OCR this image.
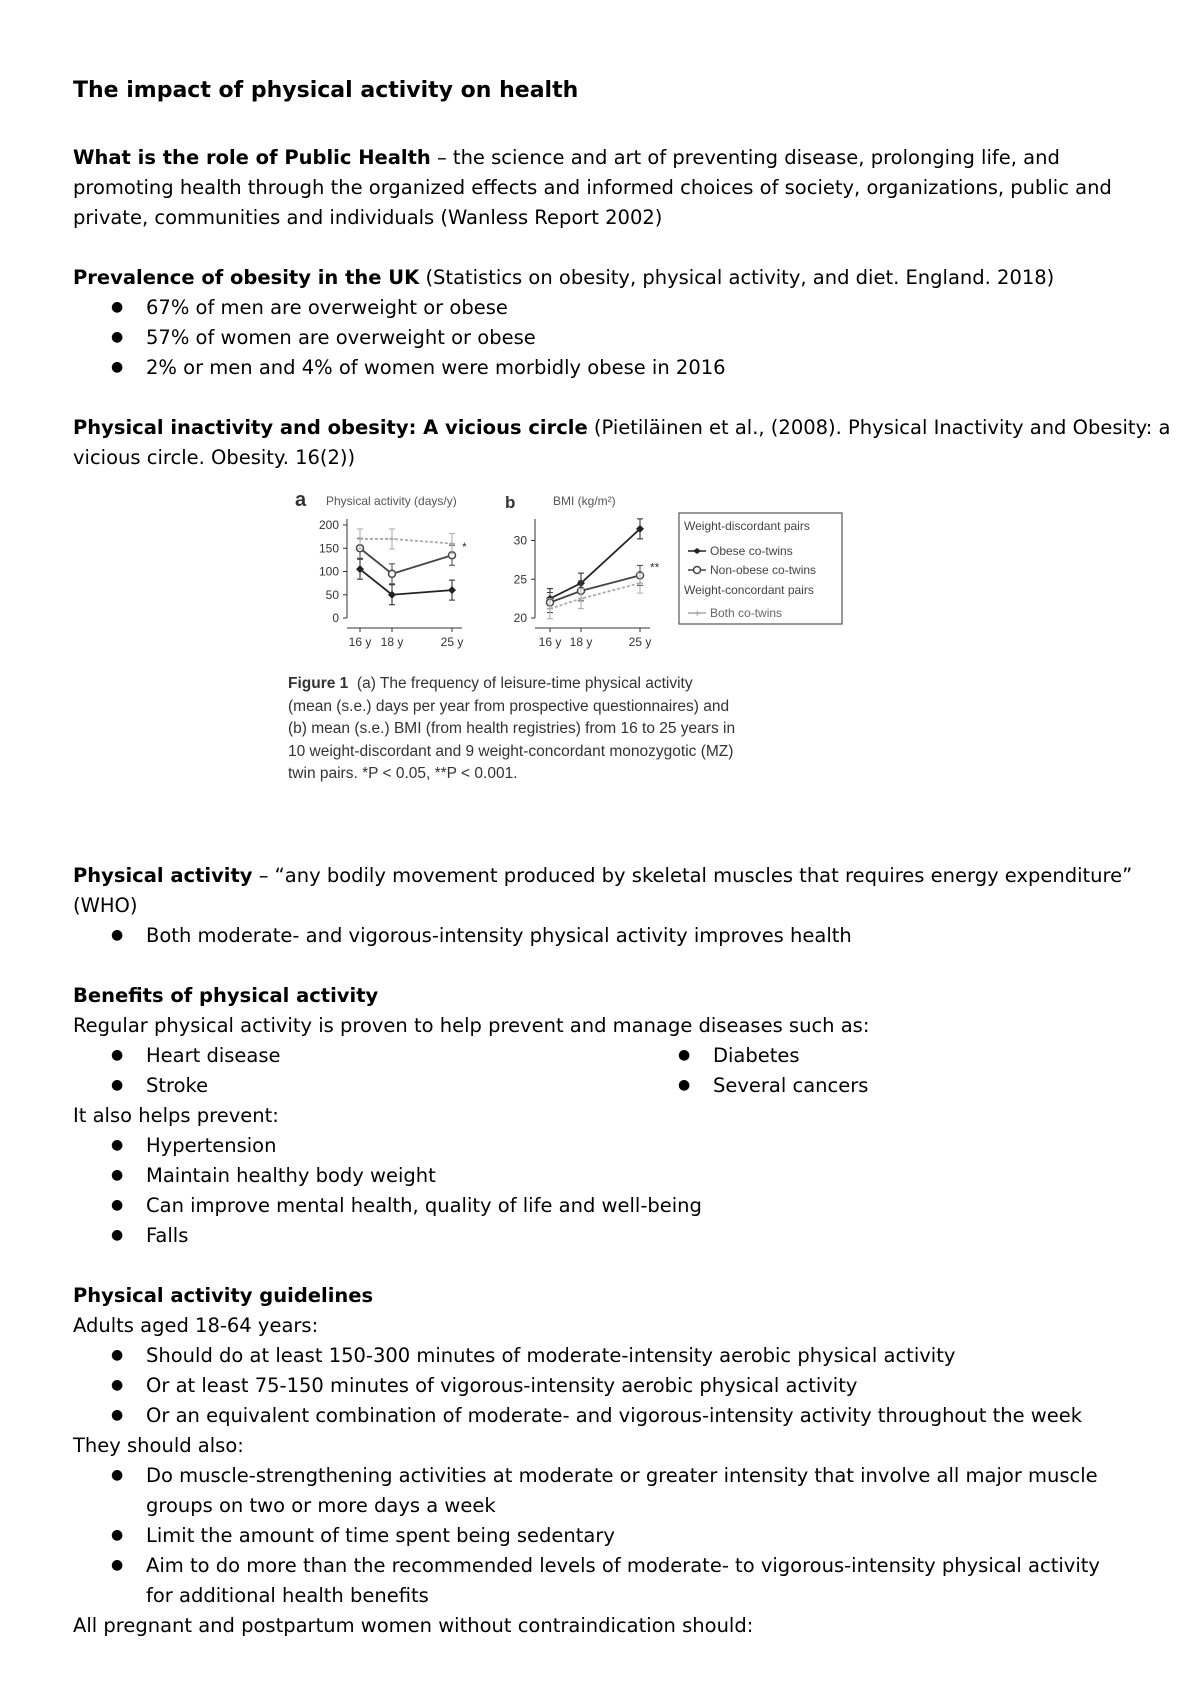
The impact of physical activity on health
What is the role of Public Health – the science and art of preventing disease, prolonging life, and
promoting health through the organized effects and informed choices of society, organizations, public and
private, communities and individuals (Wanless Report 2002)
Prevalence of obesity in the UK (Statistics on obesity, physical activity, and diet. England. 2018)
● 67% of men are overweight or obese
● 57% of women are overweight or obese
● 2% or men and 4% of women were morbidly obese in 2016
Physical inactivity and obesity: A vicious circle (Pietiläinen et al., (2008). Physical Inactivity and Obesity: a
vicious circle. Obesity. 16(2))
a Physical activity (days/y)	b	BMI (kg/m²)
0
50
100
150
200
16 y 18 y	25 y
*
20
25
30
16 y 18 y	25 y
**
Weight-discordant pairs
Obese co-twins
Non-obese co-twins
Weight-concordant pairs
+ Both co-twins
Figure 1 (a) The frequency of leisure-time physical activity
(mean (s.e.) days per year from prospective questionnaires) and
(b) mean (s.e.) BMI (from health registries) from 16 to 25 years in
10 weight-discordant and 9 weight-concordant monozygotic (MZ)
twin pairs. *P < 0.05, **P < 0.001.
Physical activity – “any bodily movement produced by skeletal muscles that requires energy expenditure”
(WHO)
● Both moderate- and vigorous-intensity physical activity improves health
Benefits of physical activity
Regular physical activity is proven to help prevent and manage diseases such as:
● Heart disease	● Diabetes
● Stroke	● Several cancers
It also helps prevent:
● Hypertension
● Maintain healthy body weight
● Can improve mental health, quality of life and well-being
● Falls
Physical activity guidelines
Adults aged 18-64 years:
● Should do at least 150-300 minutes of moderate-intensity aerobic physical activity
● Or at least 75-150 minutes of vigorous-intensity aerobic physical activity
● Or an equivalent combination of moderate- and vigorous-intensity activity throughout the week
They should also:
● Do muscle-strengthening activities at moderate or greater intensity that involve all major muscle
groups on two or more days a week
● Limit the amount of time spent being sedentary
● Aim to do more than the recommended levels of moderate- to vigorous-intensity physical activity
for additional health benefits
All pregnant and postpartum women without contraindication should:
